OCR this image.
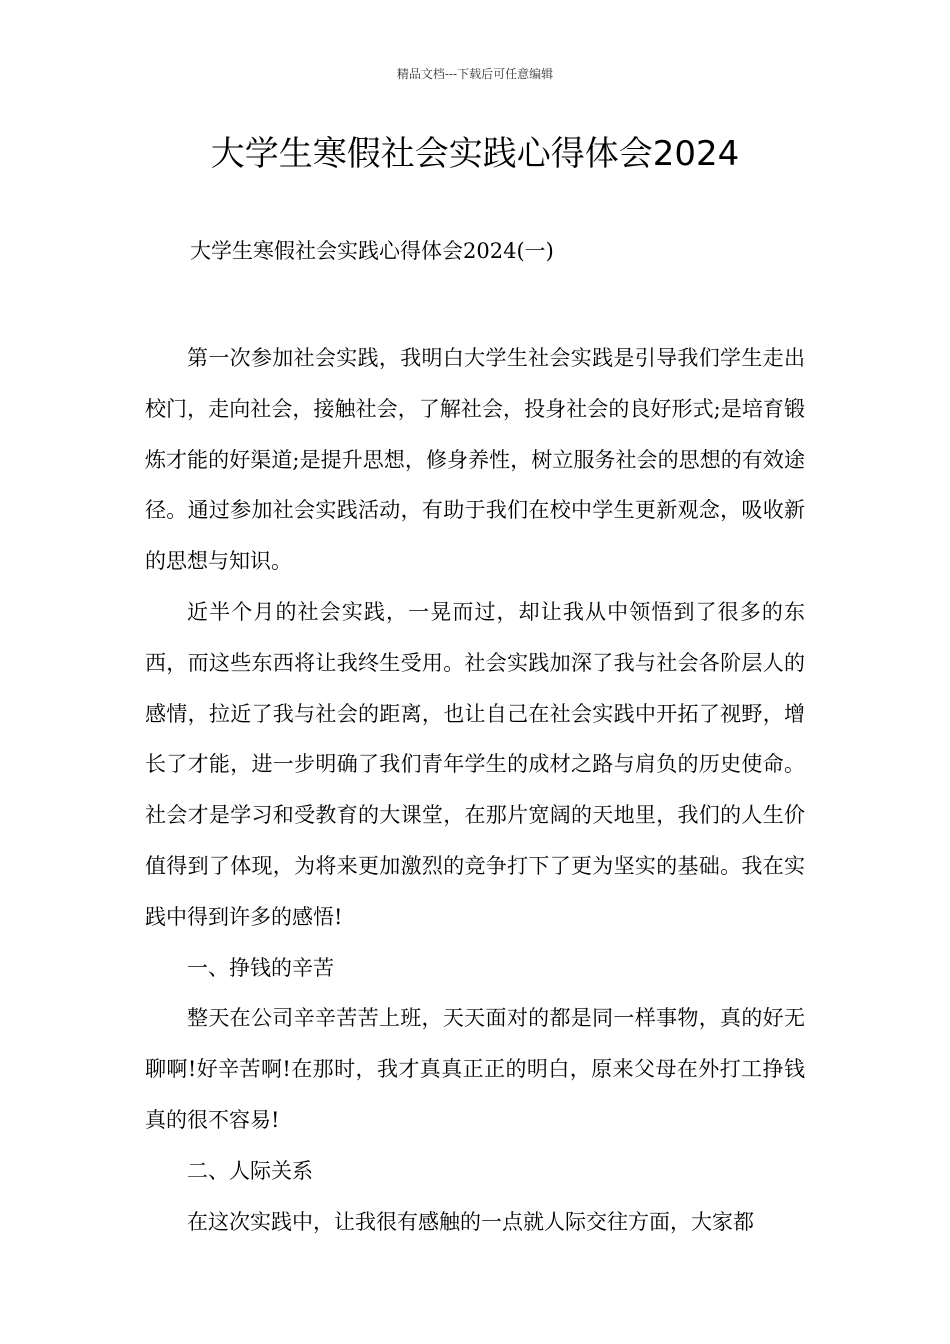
精品文档---下载后可任意编辑
大学生寒假社会实践心得体会2024
大学生寒假社会实践心得体会2024(一)

第一次参加社会实践，我明白大学生社会实践是引导我们学生走出校门，走向社会，接触社会，了解社会，投身社会的良好形式;是培育锻炼才能的好渠道;是提升思想，修身养性，树立服务社会的思想的有效途径。通过参加社会实践活动，有助于我们在校中学生更新观念，吸收新的思想与知识。

近半个月的社会实践，一晃而过，却让我从中领悟到了很多的东西，而这些东西将让我终生受用。社会实践加深了我与社会各阶层人的感情，拉近了我与社会的距离，也让自己在社会实践中开拓了视野，增长了才能，进一步明确了我们青年学生的成材之路与肩负的历史使命。社会才是学习和受教育的大课堂，在那片宽阔的天地里，我们的人生价值得到了体现，为将来更加激烈的竞争打下了更为坚实的基础。我在实践中得到许多的感悟!

一、挣钱的辛苦

整天在公司辛辛苦苦上班，天天面对的都是同一样事物，真的好无聊啊!好辛苦啊!在那时，我才真真正正的明白，原来父母在外打工挣钱真的很不容易!

二、人际关系

在这次实践中，让我很有感触的一点就人际交往方面，大家都
